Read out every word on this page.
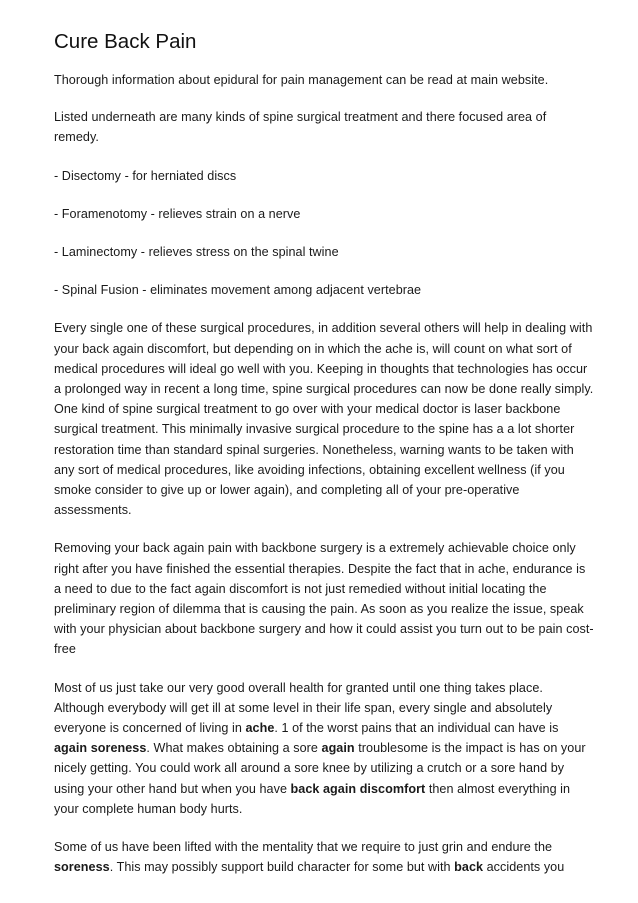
Cure Back Pain

Thorough information about epidural for pain management can be read at main website.

Listed underneath are many kinds of spine surgical treatment and there focused area of remedy.

- Disectomy - for herniated discs

- Foramenotomy - relieves strain on a nerve

- Laminectomy - relieves stress on the spinal twine

- Spinal Fusion - eliminates movement among adjacent vertebrae

Every single one of these surgical procedures, in addition several others will help in dealing with your back again discomfort, but depending on in which the ache is, will count on what sort of medical procedures will ideal go well with you. Keeping in thoughts that technologies has occur a prolonged way in recent a long time, spine surgical procedures can now be done really simply. One kind of spine surgical treatment to go over with your medical doctor is laser backbone surgical treatment. This minimally invasive surgical procedure to the spine has a a lot shorter restoration time than standard spinal surgeries. Nonetheless, warning wants to be taken with any sort of medical procedures, like avoiding infections, obtaining excellent wellness (if you smoke consider to give up or lower again), and completing all of your pre-operative assessments.

Removing your back again pain with backbone surgery is a extremely achievable choice only right after you have finished the essential therapies. Despite the fact that in ache, endurance is a need to due to the fact again discomfort is not just remedied without initial locating the preliminary region of dilemma that is causing the pain. As soon as you realize the issue, speak with your physician about backbone surgery and how it could assist you turn out to be pain cost-free

Most of us just take our very good overall health for granted until one thing takes place. Although everybody will get ill at some level in their life span, every single and absolutely everyone is concerned of living in ache. 1 of the worst pains that an individual can have is again soreness. What makes obtaining a sore again troublesome is the impact is has on your nicely getting. You could work all around a sore knee by utilizing a crutch or a sore hand by using your other hand but when you have back again discomfort then almost everything in your complete human body hurts.

Some of us have been lifted with the mentality that we require to just grin and endure the soreness. This may possibly support build character for some but with back accidents you
